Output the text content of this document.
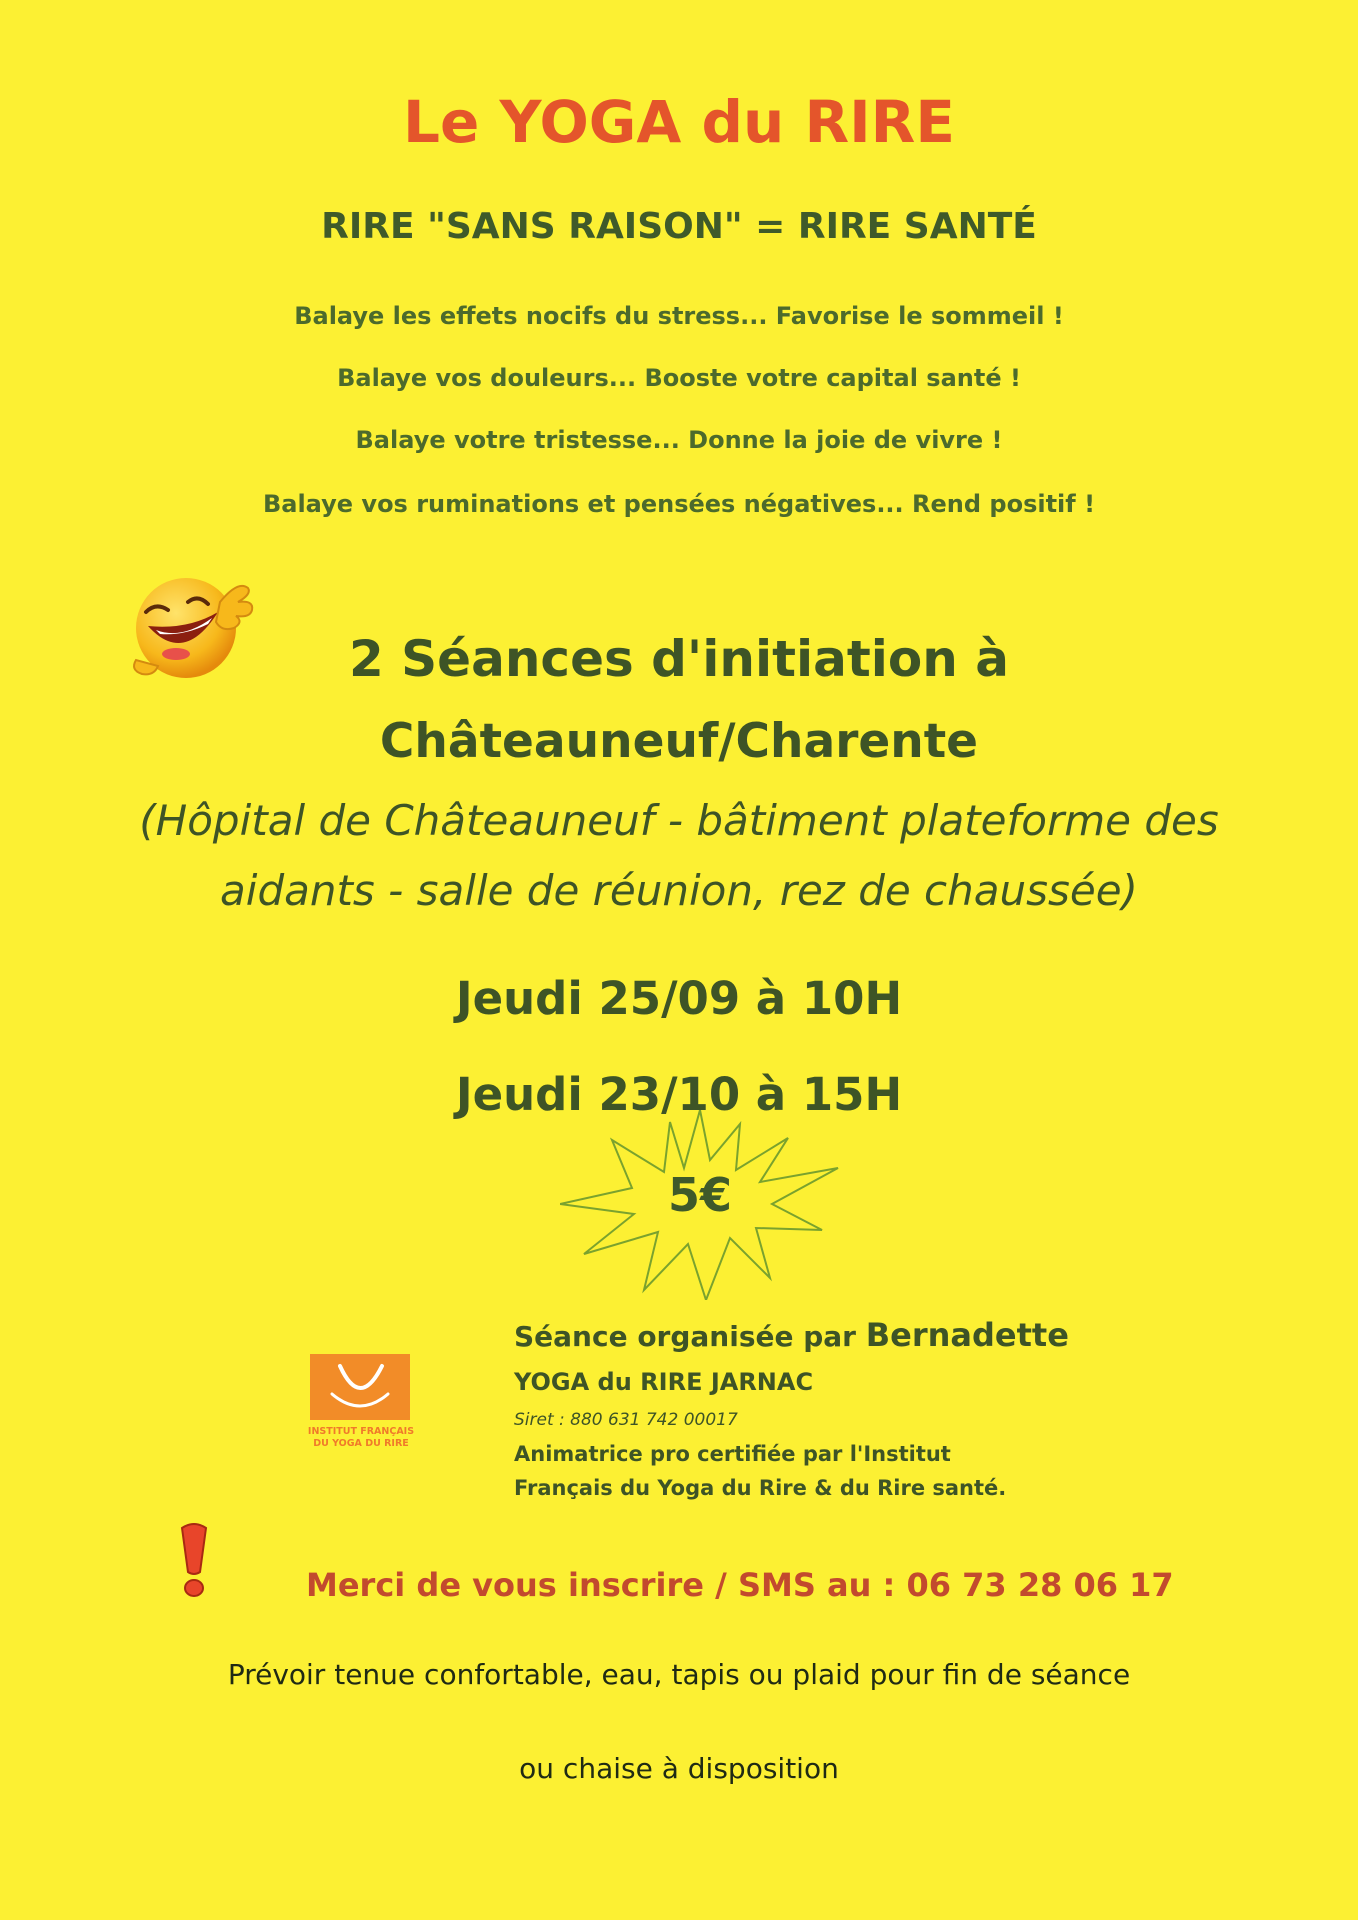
Le YOGA du RIRE
RIRE "SANS RAISON" = RIRE SANTÉ
Balaye les effets nocifs du stress... Favorise le sommeil !
Balaye vos douleurs... Booste votre capital santé !
Balaye votre tristesse... Donne la joie de vivre !
Balaye vos ruminations et pensées négatives... Rend positif !
2 Séances d'initiation à
Châteauneuf/Charente
(Hôpital de Châteauneuf - bâtiment plateforme des
aidants - salle de réunion, rez de chaussée)
Jeudi 25/09 à 10H
Jeudi 23/10 à 15H
5€
INSTITUT FRANÇAIS
DU YOGA DU RIRE
Séance organisée par Bernadette
YOGA du RIRE JARNAC
Siret : 880 631 742 00017
Animatrice pro certifiée par l'Institut
Français du Yoga du Rire & du Rire santé.
Merci de vous inscrire / SMS au : 06 73 28 06 17
Prévoir tenue confortable, eau, tapis ou plaid pour fin de séance
ou chaise à disposition
